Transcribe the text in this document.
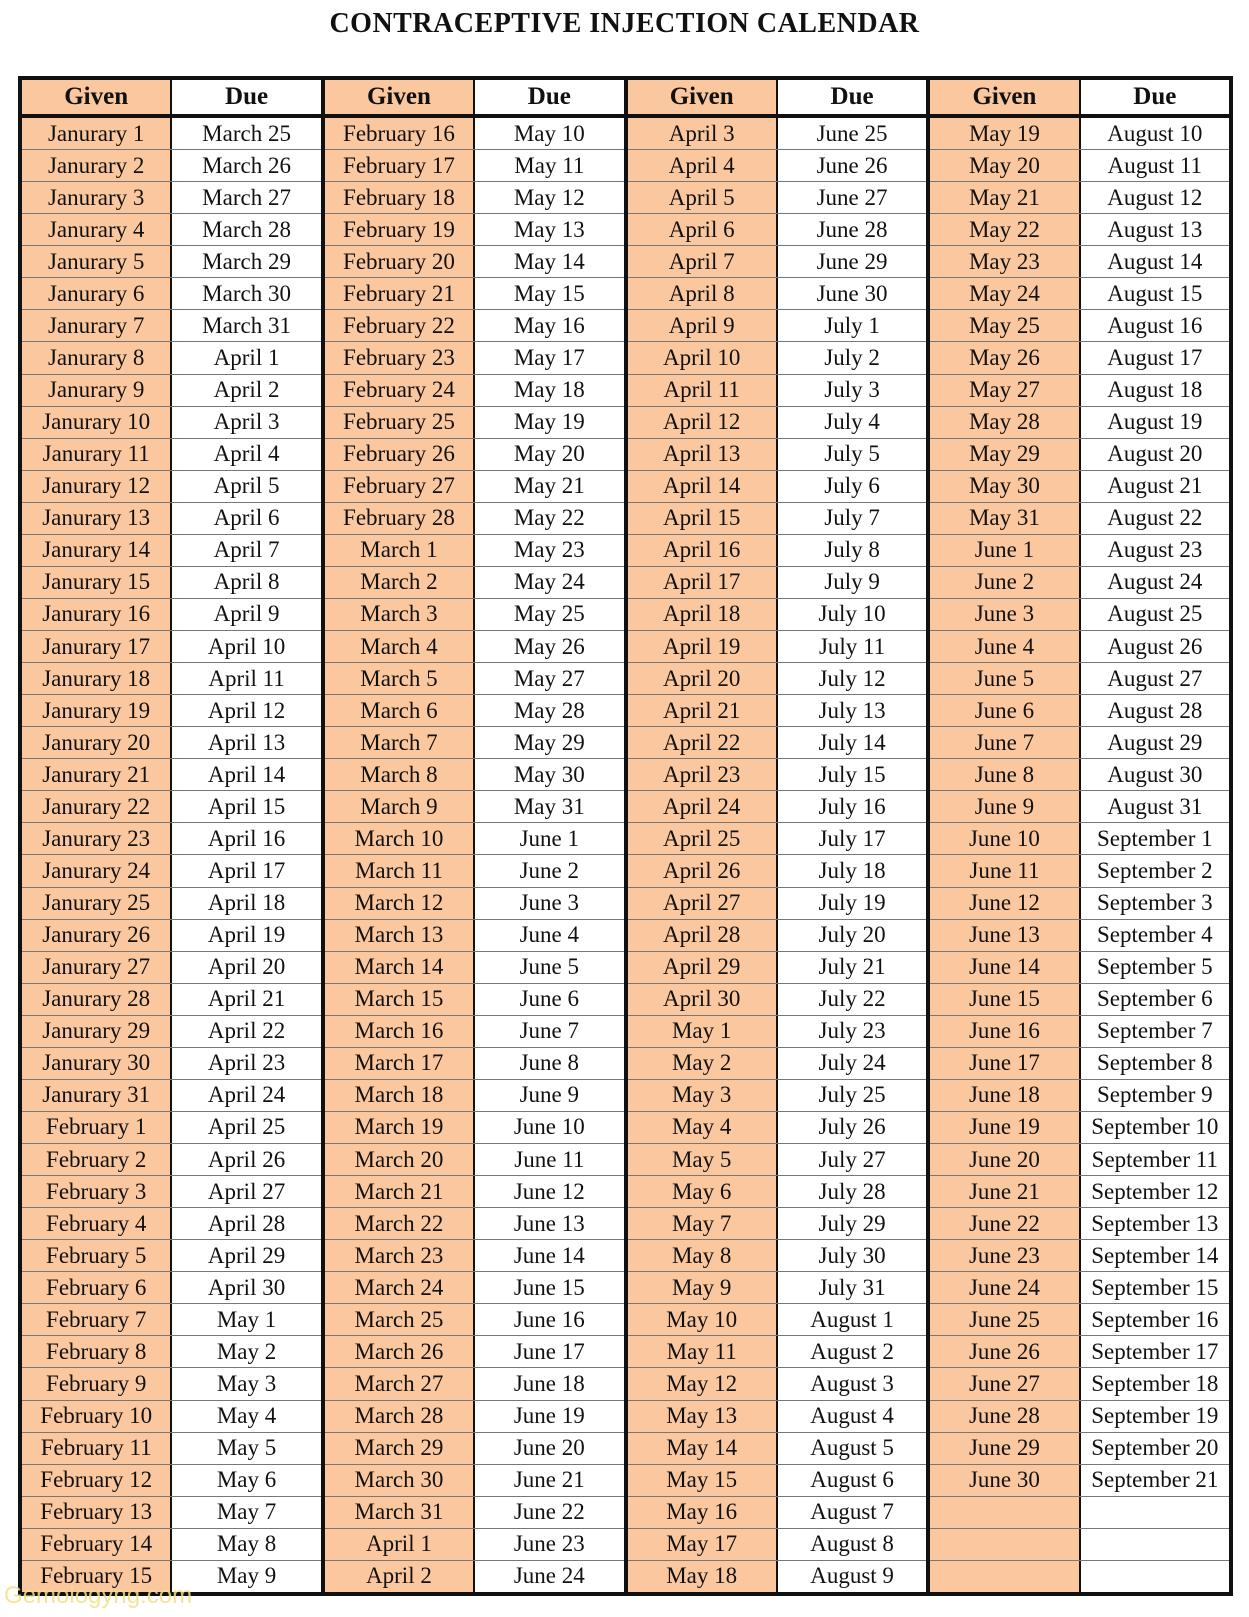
CONTRACEPTIVE INJECTION CALENDAR
Given	Due
Janurary 1	March 25
Janurary 2	March 26
Janurary 3	March 27
Janurary 4	March 28
Janurary 5	March 29
Janurary 6	March 30
Janurary 7	March 31
Janurary 8	April 1
Janurary 9	April 2
Janurary 10	April 3
Janurary 11	April 4
Janurary 12	April 5
Janurary 13	April 6
Janurary 14	April 7
Janurary 15	April 8
Janurary 16	April 9
Janurary 17	April 10
Janurary 18	April 11
Janurary 19	April 12
Janurary 20	April 13
Janurary 21	April 14
Janurary 22	April 15
Janurary 23	April 16
Janurary 24	April 17
Janurary 25	April 18
Janurary 26	April 19
Janurary 27	April 20
Janurary 28	April 21
Janurary 29	April 22
Janurary 30	April 23
Janurary 31	April 24
February 1	April 25
February 2	April 26
February 3	April 27
February 4	April 28
February 5	April 29
February 6	April 30
February 7	May 1
February 8	May 2
February 9	May 3
February 10	May 4
February 11	May 5
February 12	May 6
February 13	May 7
February 14	May 8
February 15	May 9
Given	Due
February 16	May 10
February 17	May 11
February 18	May 12
February 19	May 13
February 20	May 14
February 21	May 15
February 22	May 16
February 23	May 17
February 24	May 18
February 25	May 19
February 26	May 20
February 27	May 21
February 28	May 22
March 1	May 23
March 2	May 24
March 3	May 25
March 4	May 26
March 5	May 27
March 6	May 28
March 7	May 29
March 8	May 30
March 9	May 31
March 10	June 1
March 11	June 2
March 12	June 3
March 13	June 4
March 14	June 5
March 15	June 6
March 16	June 7
March 17	June 8
March 18	June 9
March 19	June 10
March 20	June 11
March 21	June 12
March 22	June 13
March 23	June 14
March 24	June 15
March 25	June 16
March 26	June 17
March 27	June 18
March 28	June 19
March 29	June 20
March 30	June 21
March 31	June 22
April 1	June 23
April 2	June 24
Given	Due
April 3	June 25
April 4	June 26
April 5	June 27
April 6	June 28
April 7	June 29
April 8	June 30
April 9	July 1
April 10	July 2
April 11	July 3
April 12	July 4
April 13	July 5
April 14	July 6
April 15	July 7
April 16	July 8
April 17	July 9
April 18	July 10
April 19	July 11
April 20	July 12
April 21	July 13
April 22	July 14
April 23	July 15
April 24	July 16
April 25	July 17
April 26	July 18
April 27	July 19
April 28	July 20
April 29	July 21
April 30	July 22
May 1	July 23
May 2	July 24
May 3	July 25
May 4	July 26
May 5	July 27
May 6	July 28
May 7	July 29
May 8	July 30
May 9	July 31
May 10	August 1
May 11	August 2
May 12	August 3
May 13	August 4
May 14	August 5
May 15	August 6
May 16	August 7
May 17	August 8
May 18	August 9
Given	Due
May 19	August 10
May 20	August 11
May 21	August 12
May 22	August 13
May 23	August 14
May 24	August 15
May 25	August 16
May 26	August 17
May 27	August 18
May 28	August 19
May 29	August 20
May 30	August 21
May 31	August 22
June 1	August 23
June 2	August 24
June 3	August 25
June 4	August 26
June 5	August 27
June 6	August 28
June 7	August 29
June 8	August 30
June 9	August 31
June 10	September 1
June 11	September 2
June 12	September 3
June 13	September 4
June 14	September 5
June 15	September 6
June 16	September 7
June 17	September 8
June 18	September 9
June 19	September 10
June 20	September 11
June 21	September 12
June 22	September 13
June 23	September 14
June 24	September 15
June 25	September 16
June 26	September 17
June 27	September 18
June 28	September 19
June 29	September 20
June 30	September 21
Gemologyng.com
